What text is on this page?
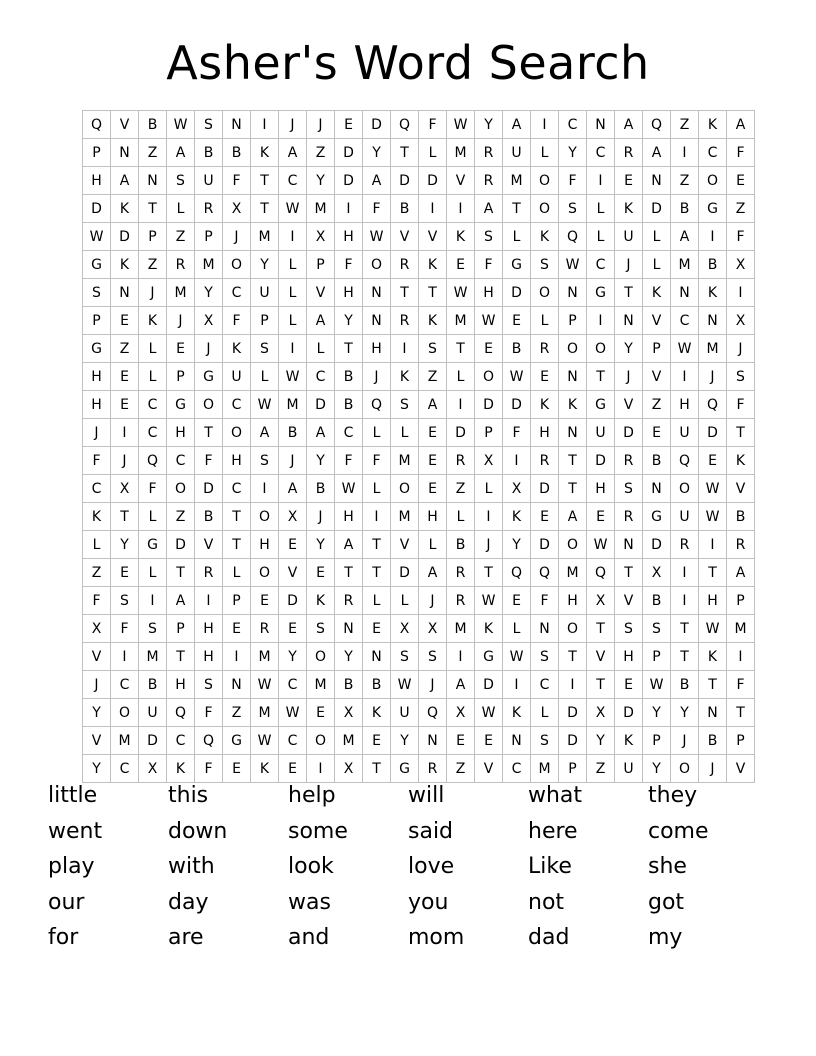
Asher's Word Search
Q	V	B	W	S	N	I	J	J	E	D	Q	F	W	Y	A	I	C	N	A	Q	Z	K	A
P	N	Z	A	B	B	K	A	Z	D	Y	T	L	M	R	U	L	Y	C	R	A	I	C	F
H	A	N	S	U	F	T	C	Y	D	A	D	D	V	R	M	O	F	I	E	N	Z	O	E
D	K	T	L	R	X	T	W	M	I	F	B	I	I	A	T	O	S	L	K	D	B	G	Z
W	D	P	Z	P	J	M	I	X	H	W	V	V	K	S	L	K	Q	L	U	L	A	I	F
G	K	Z	R	M	O	Y	L	P	F	O	R	K	E	F	G	S	W	C	J	L	M	B	X
S	N	J	M	Y	C	U	L	V	H	N	T	T	W	H	D	O	N	G	T	K	N	K	I
P	E	K	J	X	F	P	L	A	Y	N	R	K	M	W	E	L	P	I	N	V	C	N	X
G	Z	L	E	J	K	S	I	L	T	H	I	S	T	E	B	R	O	O	Y	P	W	M	J
H	E	L	P	G	U	L	W	C	B	J	K	Z	L	O	W	E	N	T	J	V	I	J	S
H	E	C	G	O	C	W	M	D	B	Q	S	A	I	D	D	K	K	G	V	Z	H	Q	F
J	I	C	H	T	O	A	B	A	C	L	L	E	D	P	F	H	N	U	D	E	U	D	T
F	J	Q	C	F	H	S	J	Y	F	F	M	E	R	X	I	R	T	D	R	B	Q	E	K
C	X	F	O	D	C	I	A	B	W	L	O	E	Z	L	X	D	T	H	S	N	O	W	V
K	T	L	Z	B	T	O	X	J	H	I	M	H	L	I	K	E	A	E	R	G	U	W	B
L	Y	G	D	V	T	H	E	Y	A	T	V	L	B	J	Y	D	O	W	N	D	R	I	R
Z	E	L	T	R	L	O	V	E	T	T	D	A	R	T	Q	Q	M	Q	T	X	I	T	A
F	S	I	A	I	P	E	D	K	R	L	L	J	R	W	E	F	H	X	V	B	I	H	P
X	F	S	P	H	E	R	E	S	N	E	X	X	M	K	L	N	O	T	S	S	T	W	M
V	I	M	T	H	I	M	Y	O	Y	N	S	S	I	G	W	S	T	V	H	P	T	K	I
J	C	B	H	S	N	W	C	M	B	B	W	J	A	D	I	C	I	T	E	W	B	T	F
Y	O	U	Q	F	Z	M	W	E	X	K	U	Q	X	W	K	L	D	X	D	Y	Y	N	T
V	M	D	C	Q	G	W	C	O	M	E	Y	N	E	E	N	S	D	Y	K	P	J	B	P
Y	C	X	K	F	E	K	E	I	X	T	G	R	Z	V	C	M	P	Z	U	Y	O	J	V
little	this	help	will	what	they
went	down	some	said	here	come
play	with	look	love	Like	she
our	day	was	you	not	got
for	are	and	mom	dad	my
